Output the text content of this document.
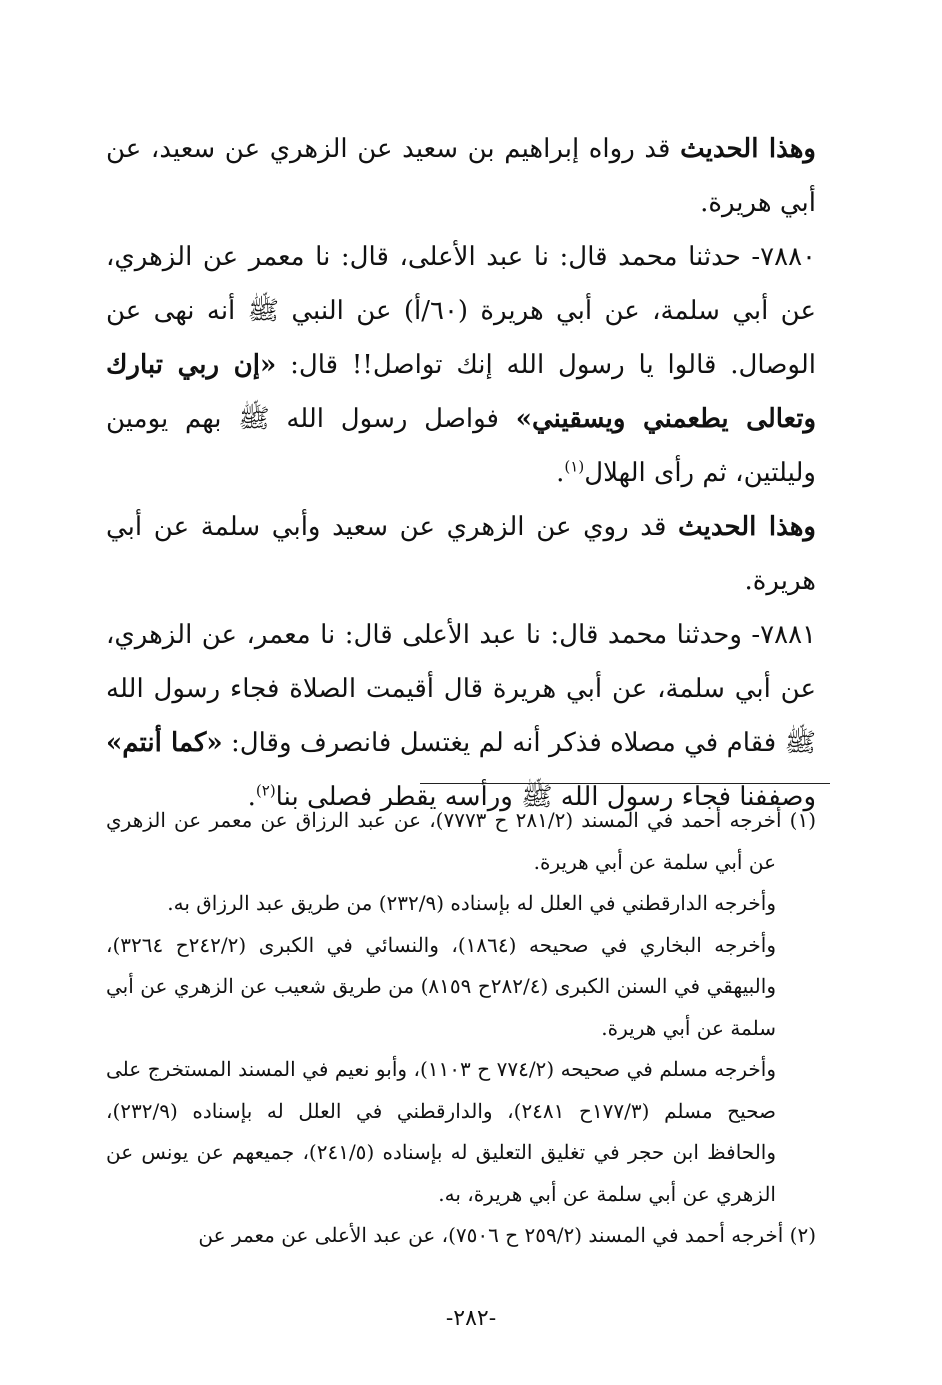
وهذا الحديث قد رواه إبراهيم بن سعيد عن الزهري عن سعيد، عن أبي هريرة.

٧٨٨٠- حدثنا محمد قال: نا عبد الأعلى، قال: نا معمر عن الزهري، عن أبي سلمة، عن أبي هريرة (٦٠/أ) عن النبي ﷺ أنه نهى عن الوصال. قالوا يا رسول الله إنك تواصل!! قال: «إن ربي تبارك وتعالى يطعمني ويسقيني» فواصل رسول الله ﷺ بهم يومين وليلتين، ثم رأى الهلال$^{(١)}$.

وهذا الحديث قد روي عن الزهري عن سعيد وأبي سلمة عن أبي هريرة.

٧٨٨١- وحدثنا محمد قال: نا عبد الأعلى قال: نا معمر، عن الزهري، عن أبي سلمة، عن أبي هريرة قال أقيمت الصلاة فجاء رسول الله ﷺ فقام في مصلاه فذكر أنه لم يغتسل فانصرف وقال: «كما أنتم» وصففنا فجاء رسول الله ﷺ ورأسه يقطر فصلى بنا$^{(٢)}$.

(١) أخرجه أحمد في المسند (٢٨١/٢ ح ٧٧٧٣)، عن عبد الرزاق عن معمر عن الزهري عن أبي سلمة عن أبي هريرة.

وأخرجه الدارقطني في العلل له بإسناده (٢٣٢/٩) من طريق عبد الرزاق به.

وأخرجه البخاري في صحيحه (١٨٦٤)، والنسائي في الكبرى (٢٤٢/٢ح ٣٢٦٤)، والبيهقي في السنن الكبرى (٢٨٢/٤ح ٨١٥٩) من طريق شعيب عن الزهري عن أبي سلمة عن أبي هريرة.

وأخرجه مسلم في صحيحه (٧٧٤/٢ ح ١١٠٣)، وأبو نعيم في المسند المستخرج على صحيح مسلم (١٧٧/٣ح ٢٤٨١)، والدارقطني في العلل له بإسناده (٢٣٢/٩)، والحافظ ابن حجر في تغليق التعليق له بإسناده (٢٤١/٥)، جميعهم عن يونس عن الزهري عن أبي سلمة عن أبي هريرة، به.

(٢) أخرجه أحمد في المسند (٢٥٩/٢ ح ٧٥٠٦)، عن عبد الأعلى عن معمر عن

-٢٨٢-
